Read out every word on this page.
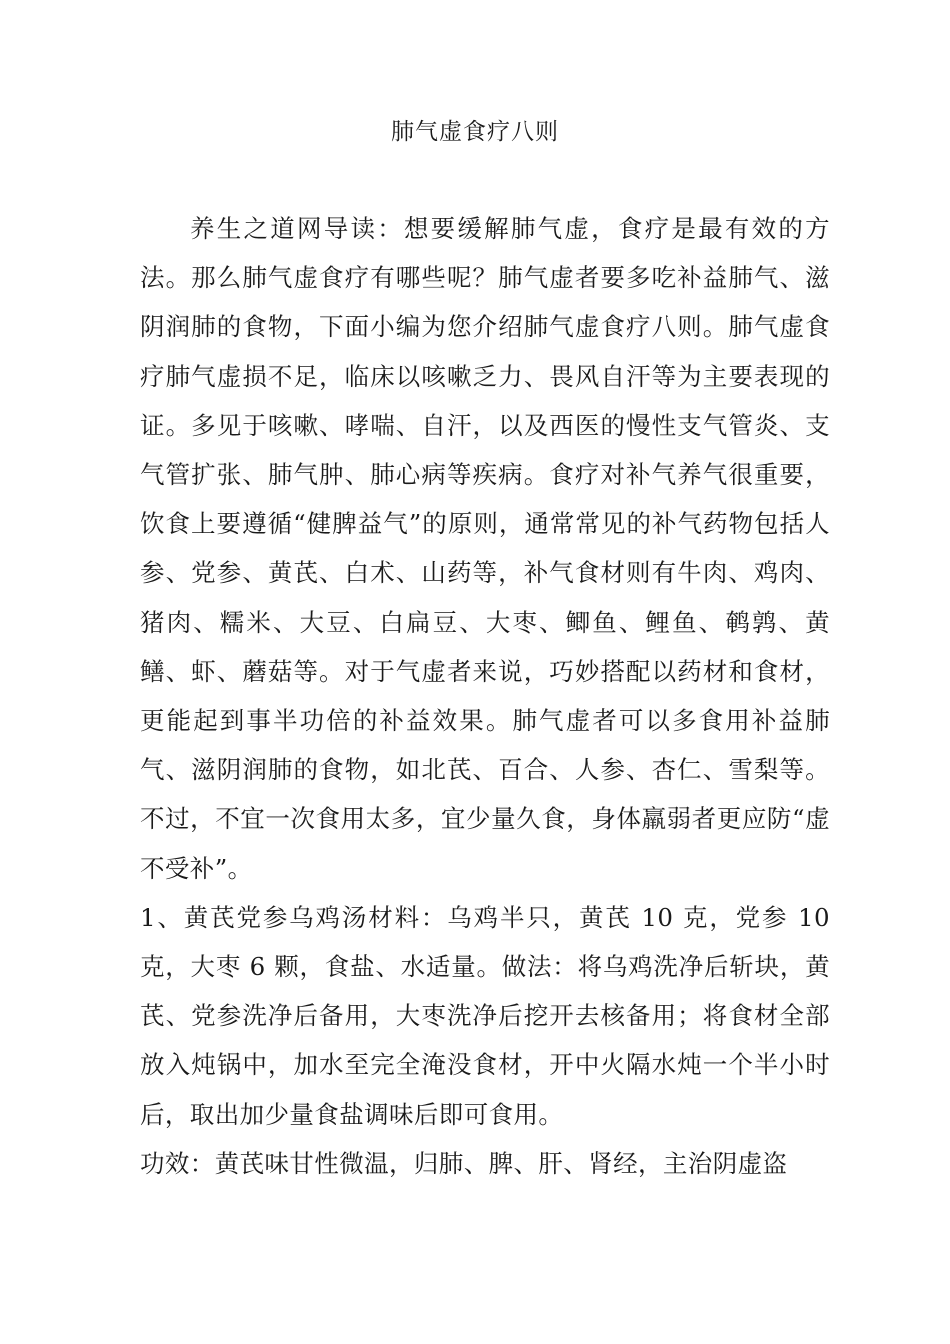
肺气虚食疗八则

养生之道网导读：想要缓解肺气虚，食疗是最有效的方法。那么肺气虚食疗有哪些呢？肺气虚者要多吃补益肺气、滋阴润肺的食物，下面小编为您介绍肺气虚食疗八则。肺气虚食疗肺气虚损不足，临床以咳嗽乏力、畏风自汗等为主要表现的证。多见于咳嗽、哮喘、自汗，以及西医的慢性支气管炎、支气管扩张、肺气肿、肺心病等疾病。食疗对补气养气很重要，饮食上要遵循“健脾益气”的原则，通常常见的补气药物包括人参、党参、黄芪、白术、山药等，补气食材则有牛肉、鸡肉、猪肉、糯米、大豆、白扁豆、大枣、鲫鱼、鲤鱼、鹌鹑、黄鳝、虾、蘑菇等。对于气虚者来说，巧妙搭配以药材和食材，更能起到事半功倍的补益效果。肺气虚者可以多食用补益肺气、滋阴润肺的食物，如北芪、百合、人参、杏仁、雪梨等。不过，不宜一次食用太多，宜少量久食，身体羸弱者更应防“虚不受补”。

1、黄芪党参乌鸡汤材料：乌鸡半只，黄芪 10 克，党参 10 克，大枣 6 颗，食盐、水适量。做法：将乌鸡洗净后斩块，黄芪、党参洗净后备用，大枣洗净后挖开去核备用；将食材全部放入炖锅中，加水至完全淹没食材，开中火隔水炖一个半小时后，取出加少量食盐调味后即可食用。

功效：黄芪味甘性微温，归肺、脾、肝、肾经，主治阴虚盗
